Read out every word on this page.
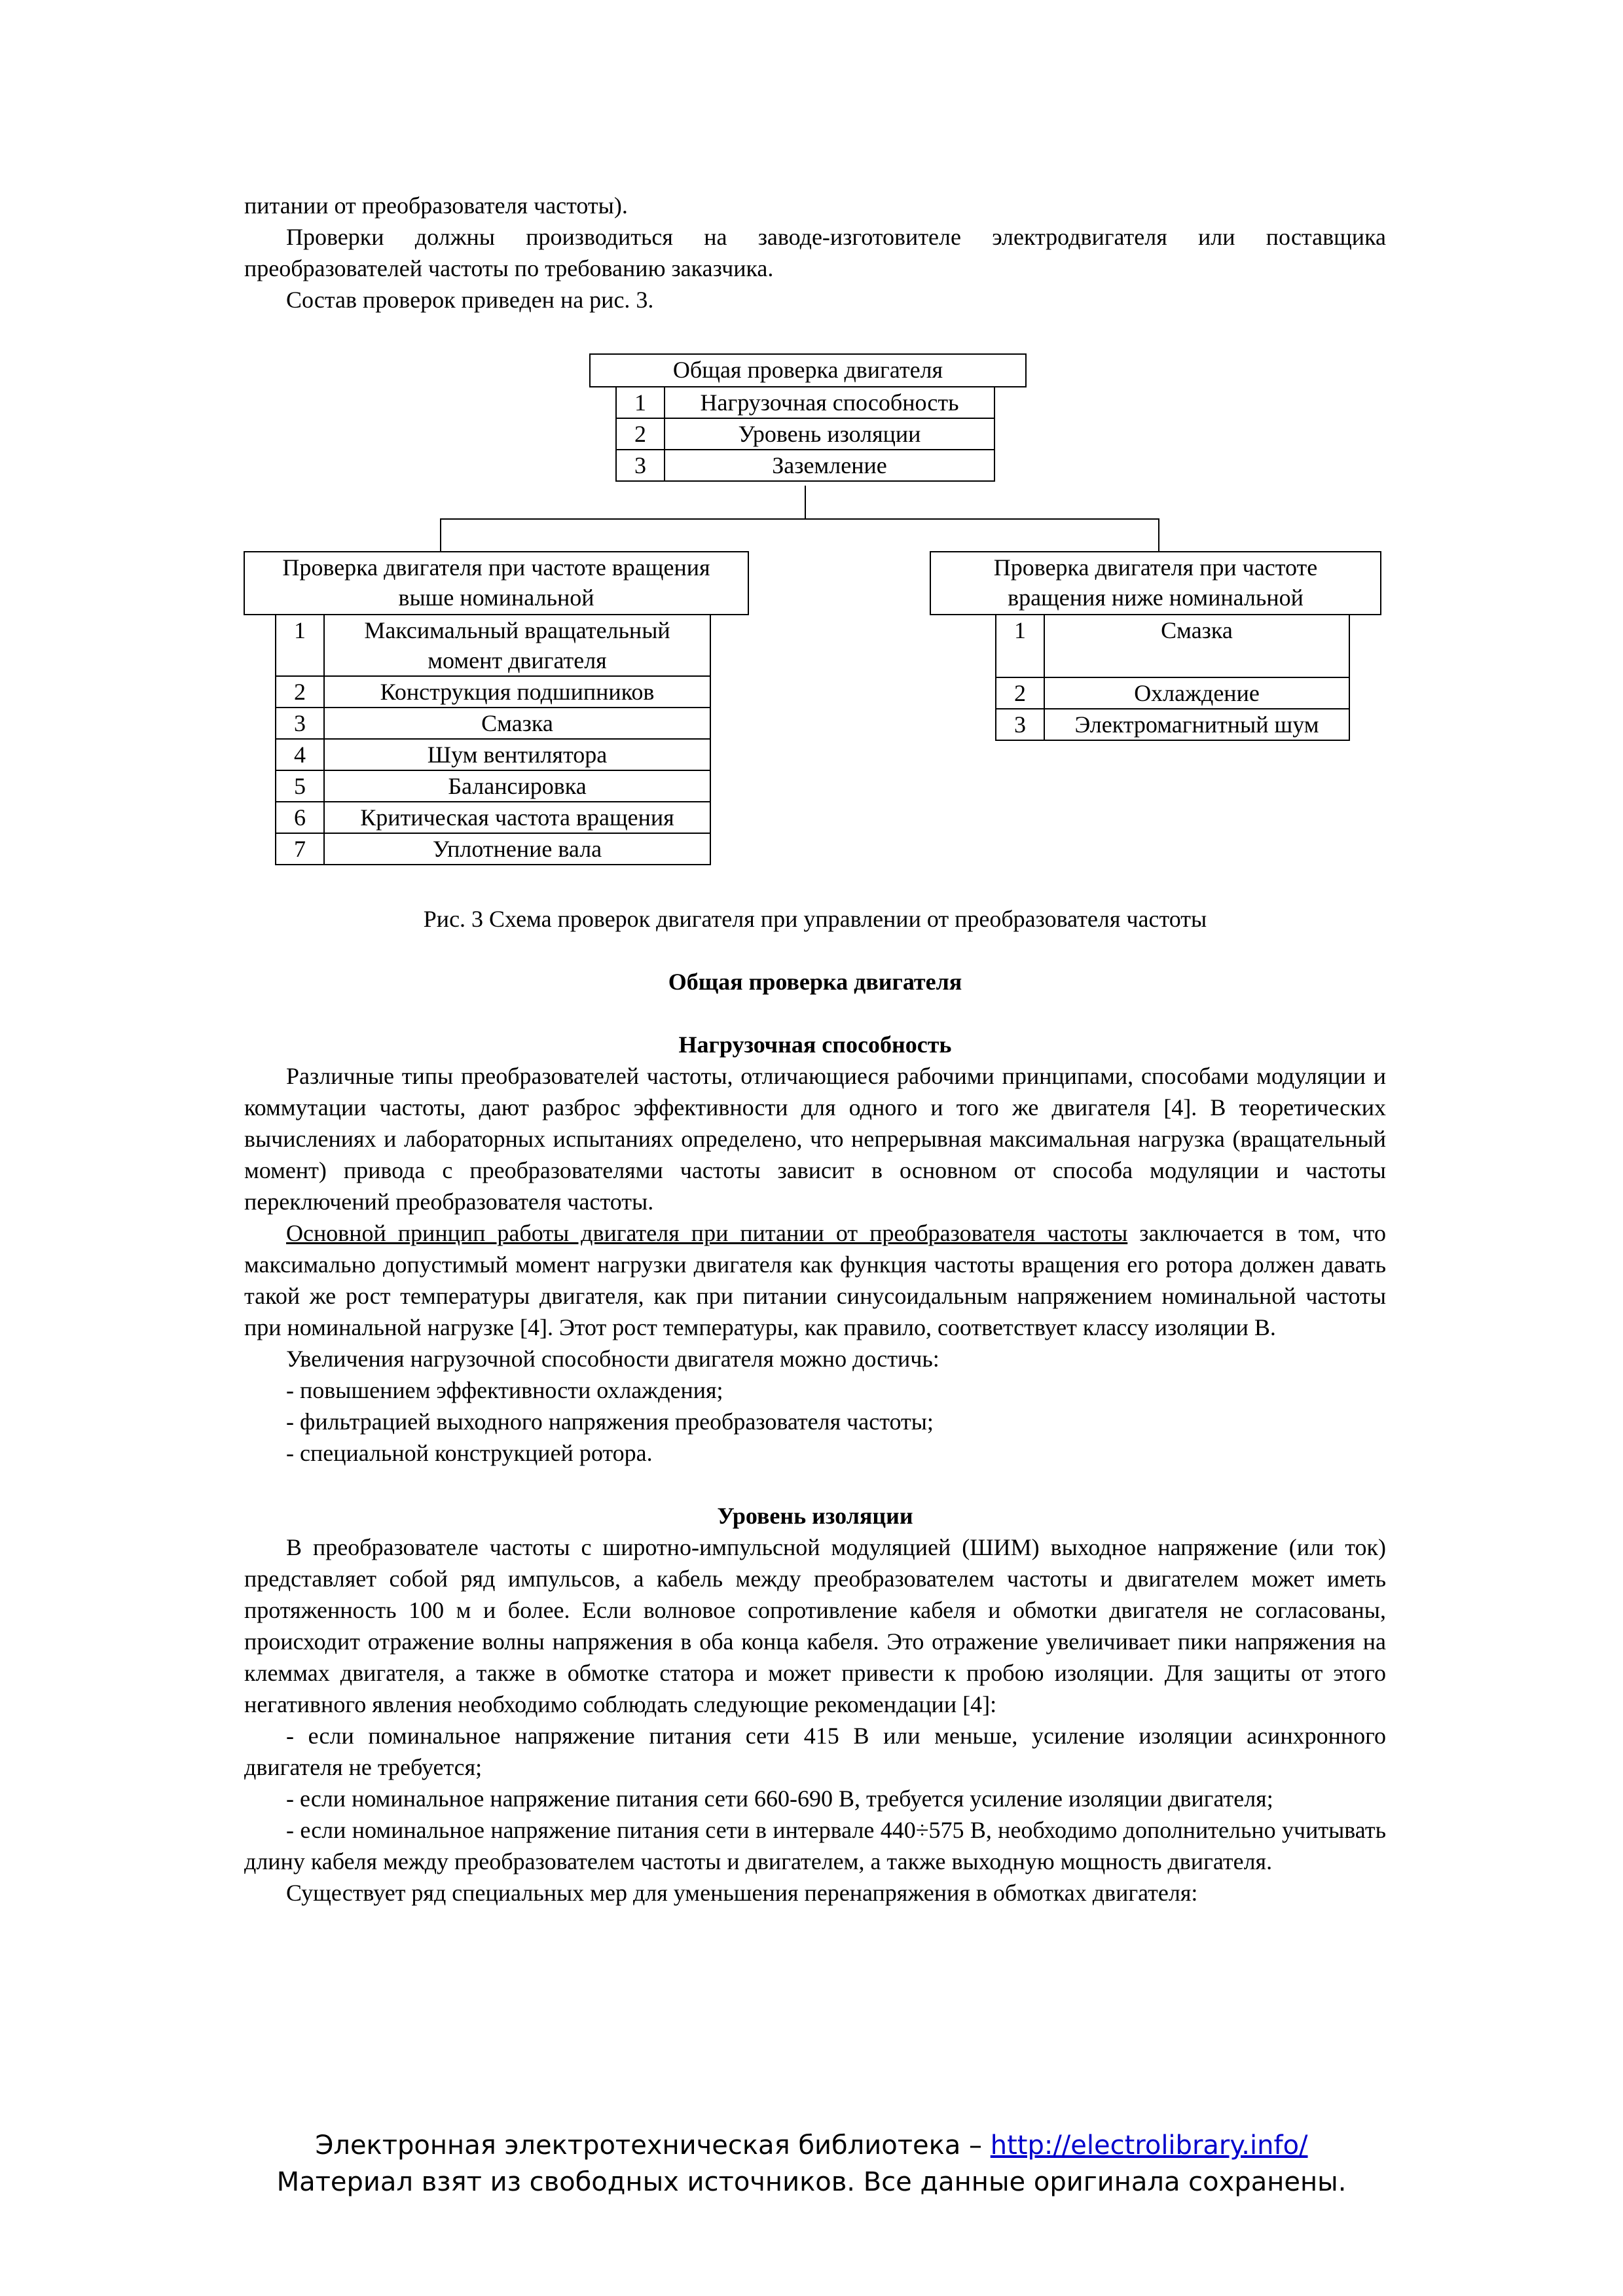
питании от преобразователя частоты).

Проверки должны производиться на заводе-изготовителе электродвигателя или поставщика преобразователей частоты по требованию заказчика.

Состав проверок приведен на рис. 3.

Общая проверка двигателя
1	Нагрузочная способность
2	Уровень изоляции
3	Заземление
Проверка двигателя при частоте вращения
выше номинальной
1	Максимальный вращательный
момент двигателя

2	Конструкция подшипников
3	Смазка
4	Шум вентилятора
5	Балансировка
6	Критическая частота вращения
7	Уплотнение вала
Проверка двигателя при частоте
вращения ниже номинальной
1	Смазка
2	Охлаждение
3	Электромагнитный шум

Рис. 3 Схема проверок двигателя при управлении от преобразователя частоты

Общая проверка двигателя

Нагрузочная способность

Различные типы преобразователей частоты, отличающиеся рабочими принципами, способами модуляции и коммутации частоты, дают разброс эффективности для одного и того же двигателя [4]. В теоретических вычислениях и лабораторных испытаниях определено, что непрерывная максимальная нагрузка (вращательный момент) привода с преобразователями частоты зависит в основном от способа модуляции и частоты переключений преобразователя частоты.

Основной принцип работы двигателя при питании от преобразователя частоты заключается в том, что максимально допустимый момент нагрузки двигателя как функция частоты вращения его ротора должен давать такой же рост температуры двигателя, как при питании синусоидальным напряжением номинальной частоты при номинальной нагрузке [4]. Этот рост температуры, как правило, соответствует классу изоляции B.

Увеличения нагрузочной способности двигателя можно достичь:

- повышением эффективности охлаждения;

- фильтрацией выходного напряжения преобразователя частоты;

- специальной конструкцией ротора.

Уровень изоляции

В преобразователе частоты с широтно-импульсной модуляцией (ШИМ) выходное напряжение (или ток) представляет собой ряд импульсов, а кабель между преобразователем частоты и двигателем может иметь протяженность 100 м и более. Если волновое сопротивление кабеля и обмотки двигателя не согласованы, происходит отражение волны напряжения в оба конца кабеля. Это отражение увеличивает пики напряжения на клеммах двигателя, а также в обмотке статора и может привести к пробою изоляции. Для защиты от этого негативного явления необходимо соблюдать следующие рекомендации [4]:

- если поминальное напряжение питания сети 415 В или меньше, усиление изоляции асинхронного двигателя не требуется;

- если номинальное напряжение питания сети 660-690 В, требуется усиление изоляции двигателя;

- если номинальное напряжение питания сети в интервале 440÷575 В, необходимо дополнительно учитывать длину кабеля между преобразователем частоты и двигателем, а также выходную мощность двигателя.

Существует ряд специальных мер для уменьшения перенапряжения в обмотках двигателя:

Электронная электротехническая библиотека – http://electrolibrary.info/
Материал взят из свободных источников. Все данные оригинала сохранены.
